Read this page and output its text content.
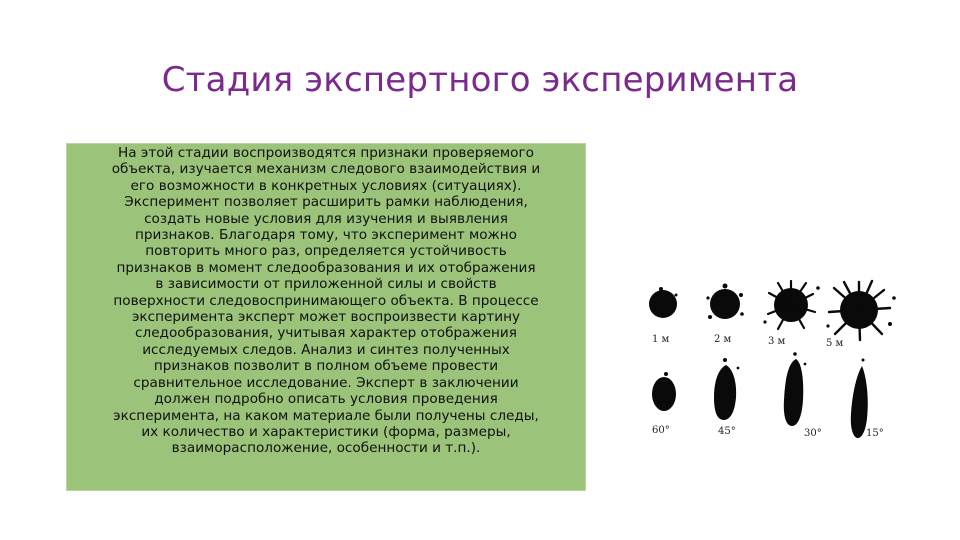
Стадия экспертного эксперимента
На этой стадии воспроизводятся признаки проверяемого
объекта, изучается механизм следового взаимодействия и
его возможности в конкретных условиях (ситуациях).
Эксперимент позволяет расширить рамки наблюдения,
создать новые условия для изучения и выявления
признаков. Благодаря тому, что эксперимент можно
повторить много раз, определяется устойчивость
признаков в момент следообразования и их отображения
в зависимости от приложенной силы и свойств
поверхности следовоспринимающего объекта. В процессе
эксперимента эксперт может воспроизвести картину
следообразования, учитывая характер отображения
исследуемых следов. Анализ и синтез полученных
признаков позволит в полном объеме провести
сравнительное исследование. Эксперт в заключении
должен подробно описать условия проведения
эксперимента, на каком материале были получены следы,
их количество и характеристики (форма, размеры,
взаиморасположение, особенности и т.п.).
1 м	2 м	3 м	5 м
60°	45°	30°	15°
